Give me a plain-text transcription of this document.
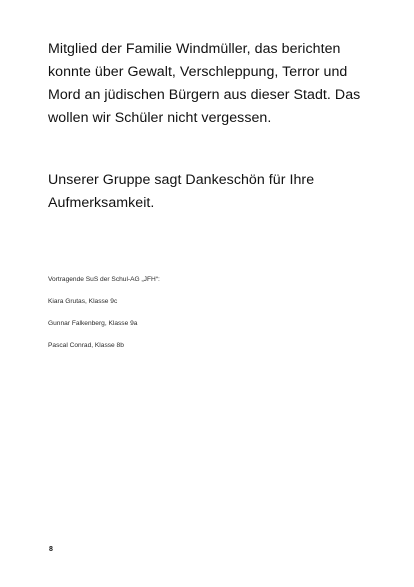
Mitglied der Familie Windmüller, das berichten
konnte über Gewalt, Verschleppung, Terror und
Mord an jüdischen Bürgern aus dieser Stadt. Das
wollen wir Schüler nicht vergessen.
Unserer Gruppe sagt Dankeschön für Ihre
Aufmerksamkeit.
Vortragende SuS der Schul-AG „JFH“:
Kiara Grutas, Klasse 9c
Gunnar Falkenberg, Klasse 9a
Pascal Conrad, Klasse 8b
8
